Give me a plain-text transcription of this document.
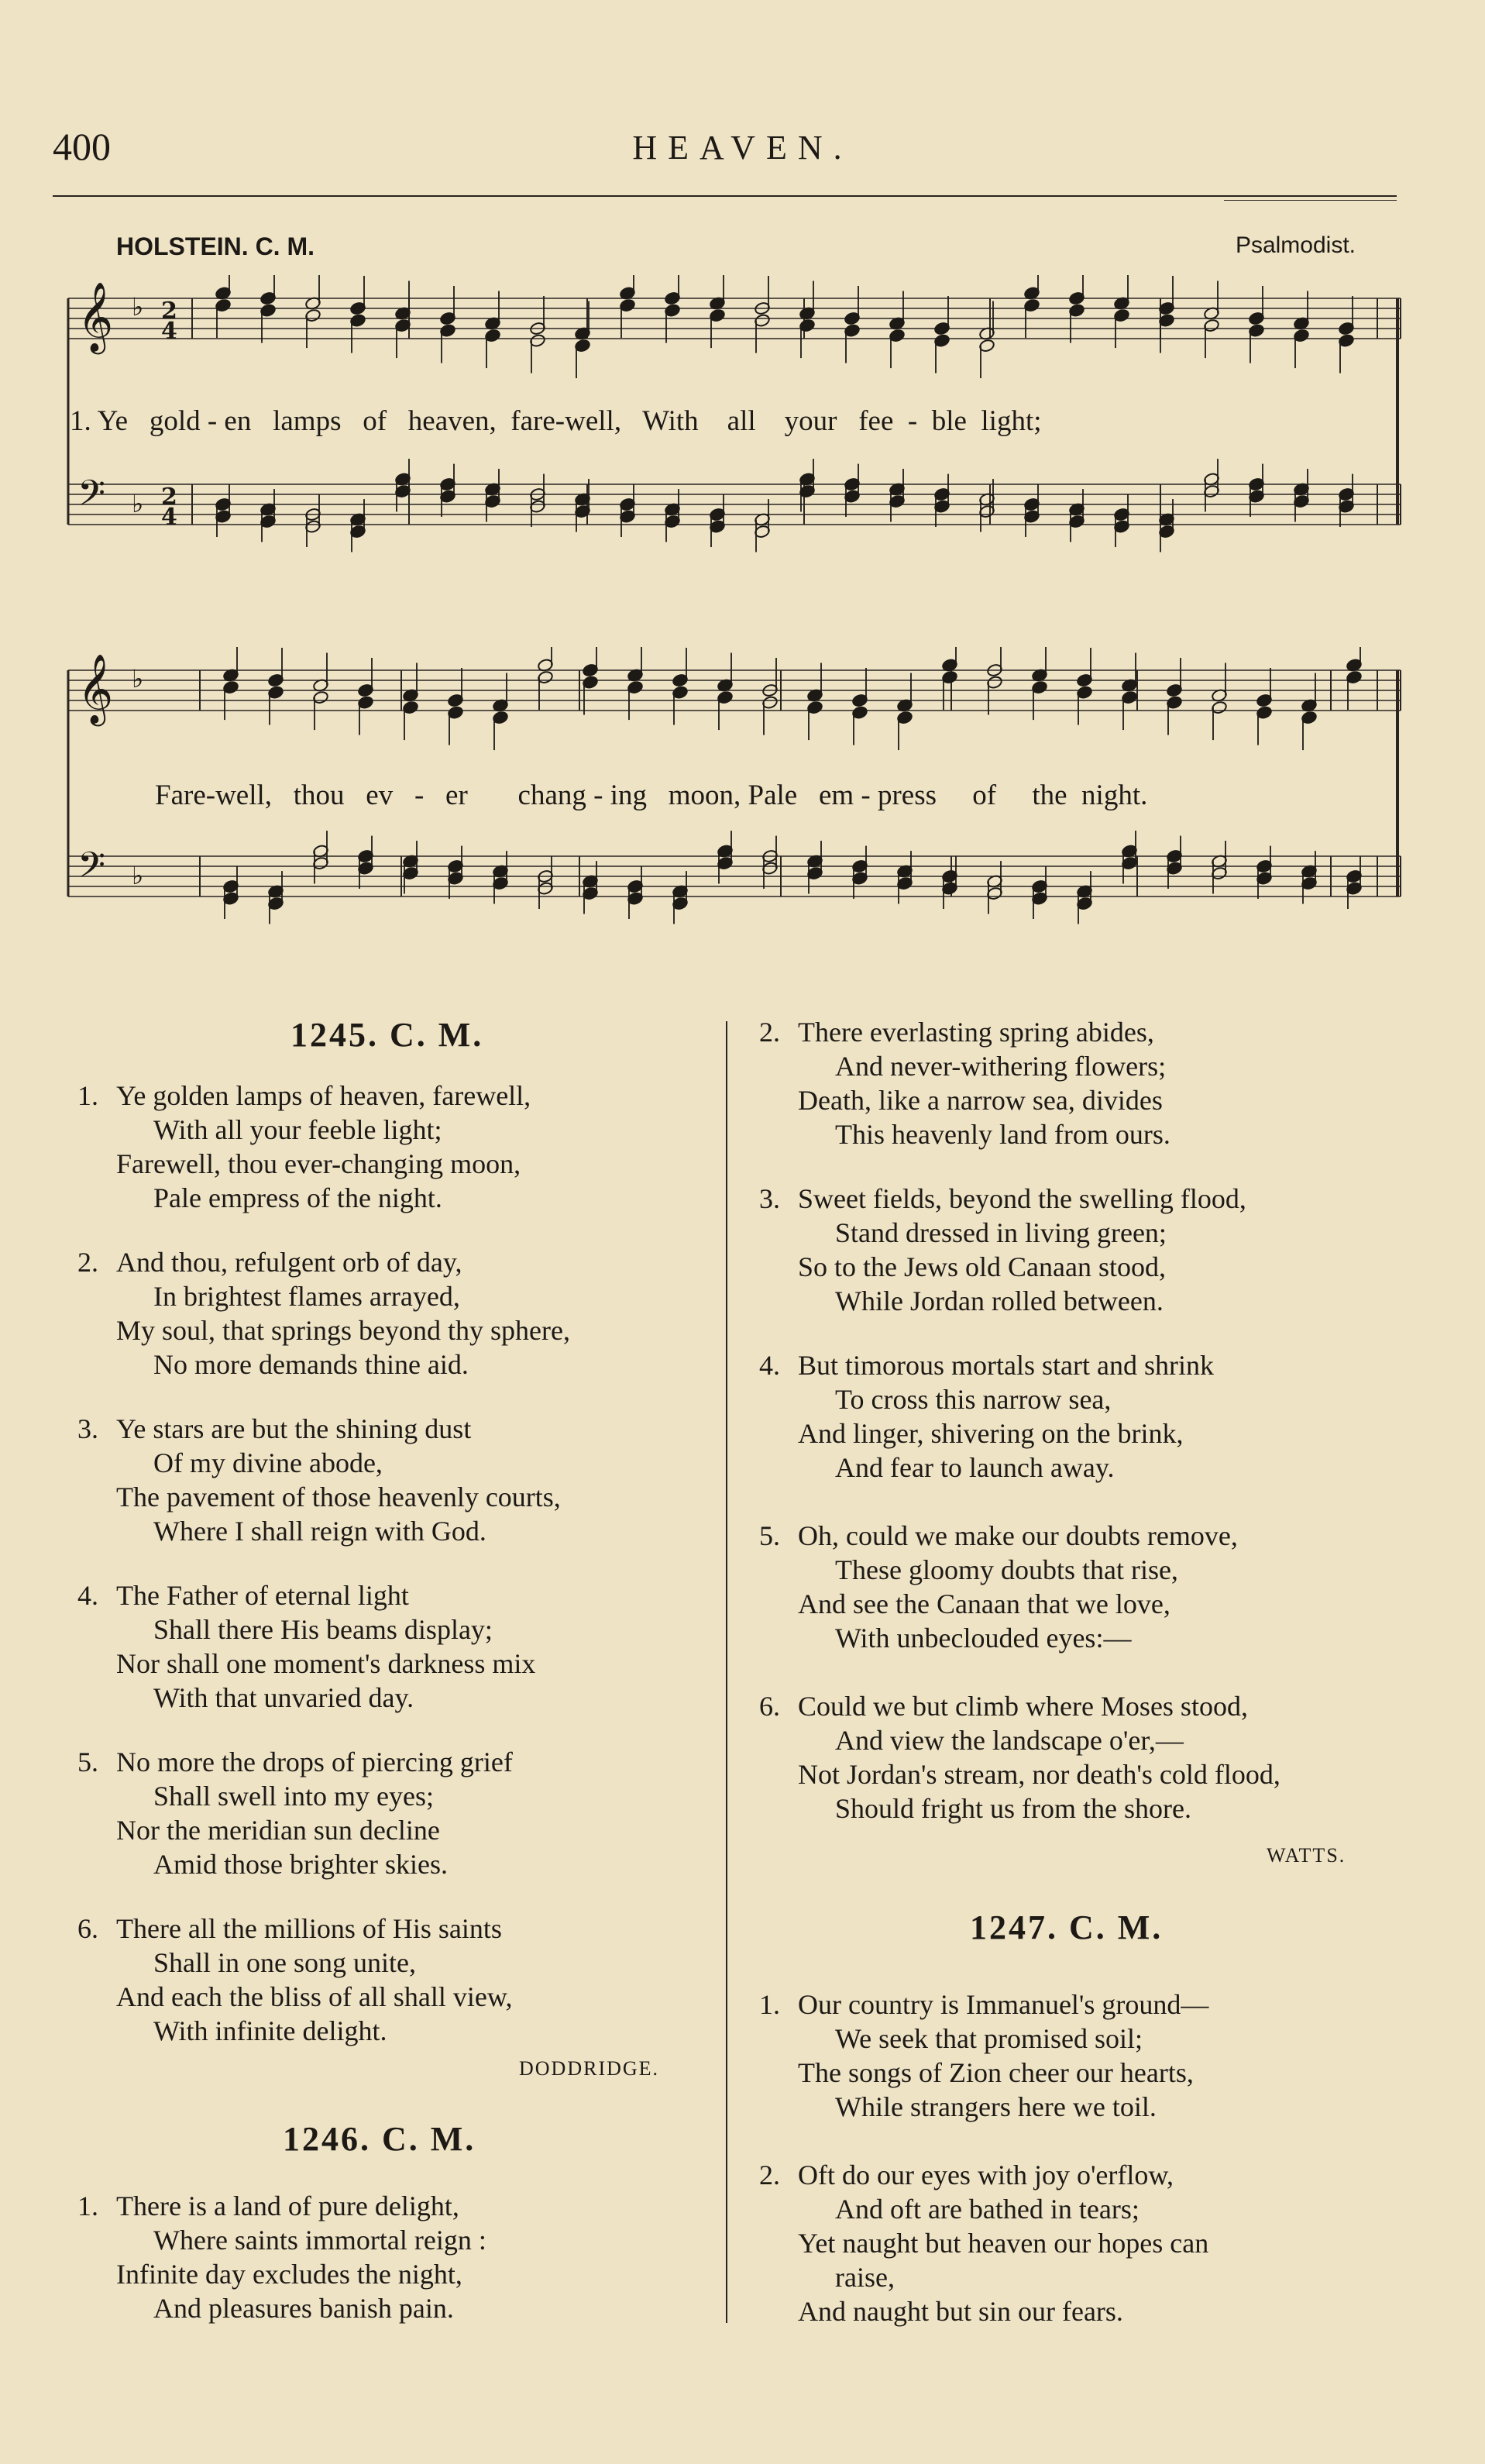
400	HEAVEN.
HOLSTEIN. C. M.	Psalmodist.
𝄞 ♭ 2
4
𝄢 ♭ 2
4
1. Ye   gold - en   lamps   of   heaven,  fare-well,   With    all    your   fee  -  ble  light;
𝄞 ♭
𝄢 ♭
Fare-well,   thou   ev   -   er       chang - ing   moon, Pale   em - press     of     the  night.
1245. C. M.
1. Ye golden lamps of heaven, farewell,
With all your feeble light;
Farewell, thou ever-changing moon,
Pale empress of the night.
2. And thou, refulgent orb of day,
In brightest flames arrayed,
My soul, that springs beyond thy sphere,
No more demands thine aid.
3. Ye stars are but the shining dust
Of my divine abode,
The pavement of those heavenly courts,
Where I shall reign with God.
4. The Father of eternal light
Shall there His beams display;
Nor shall one moment's darkness mix
With that unvaried day.
5. No more the drops of piercing grief
Shall swell into my eyes;
Nor the meridian sun decline
Amid those brighter skies.
6. There all the millions of His saints
Shall in one song unite,
And each the bliss of all shall view,
With infinite delight.
DODDRIDGE.
1246. C. M.
1. There is a land of pure delight,
Where saints immortal reign :
Infinite day excludes the night,
And pleasures banish pain.
2. There everlasting spring abides,
And never-withering flowers;
Death, like a narrow sea, divides
This heavenly land from ours.
3. Sweet fields, beyond the swelling flood,
Stand dressed in living green;
So to the Jews old Canaan stood,
While Jordan rolled between.
4. But timorous mortals start and shrink
To cross this narrow sea,
And linger, shivering on the brink,
And fear to launch away.
5. Oh, could we make our doubts remove,
These gloomy doubts that rise,
And see the Canaan that we love,
With unbeclouded eyes:—
6. Could we but climb where Moses stood,
And view the landscape o'er,—
Not Jordan's stream, nor death's cold flood,
Should fright us from the shore.
WATTS.
1247. C. M.
1. Our country is Immanuel's ground—
We seek that promised soil;
The songs of Zion cheer our hearts,
While strangers here we toil.
2. Oft do our eyes with joy o'erflow,
And oft are bathed in tears;
Yet naught but heaven our hopes can
raise,
And naught but sin our fears.
